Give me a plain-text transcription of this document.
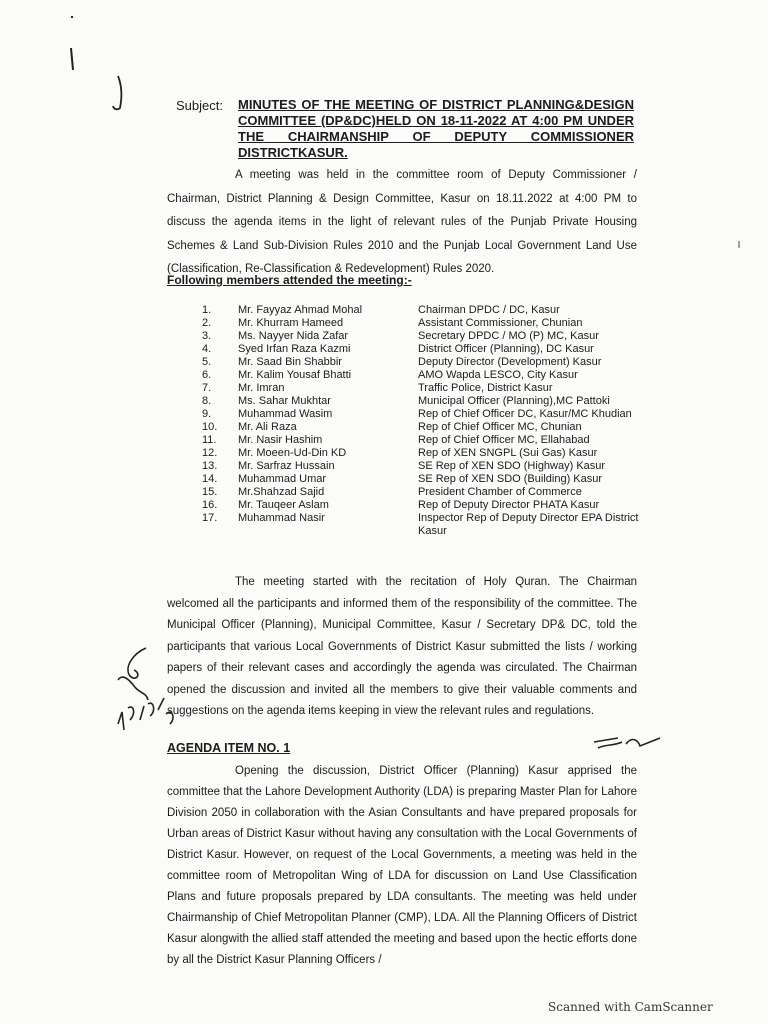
Subject: MINUTES OF THE MEETING OF DISTRICT PLANNING&DESIGN COMMITTEE (DP&DC)HELD ON 18-11-2022 AT 4:00 PM UNDER THE CHAIRMANSHIP OF DEPUTY COMMISSIONER
DISTRICTKASUR.
A meeting was held in the committee room of Deputy Commissioner / Chairman, District Planning & Design Committee, Kasur on 18.11.2022 at 4:00 PM to discuss the agenda items in the light of relevant rules of the Punjab Private Housing Schemes & Land Sub-Division Rules 2010 and the Punjab Local Government Land Use (Classification, Re-Classification & Redevelopment) Rules 2020.
Following members attended the meeting:-
1.	Mr. Fayyaz Ahmad Mohal	Chairman DPDC / DC, Kasur
2.	Mr. Khurram Hameed	Assistant Commissioner, Chunian
3.	Ms. Nayyer Nida Zafar	Secretary DPDC / MO (P) MC, Kasur
4.	Syed Irfan Raza Kazmi	District Officer (Planning), DC Kasur
5.	Mr. Saad Bin Shabbir	Deputy Director (Development) Kasur
6.	Mr. Kalim Yousaf Bhatti	AMO Wapda LESCO, City Kasur
7.	Mr. Imran	Traffic Police, District Kasur
8.	Ms. Sahar Mukhtar	Municipal Officer (Planning),MC Pattoki
9.	Muhammad Wasim	Rep of Chief Officer DC, Kasur/MC Khudian
10.	Mr. Ali Raza	Rep of Chief Officer MC, Chunian
11.	Mr. Nasir Hashim	Rep of Chief Officer MC, Ellahabad
12.	Mr. Moeen-Ud-Din KD	Rep of XEN SNGPL (Sui Gas) Kasur
13.	Mr. Sarfraz Hussain	SE Rep of XEN SDO (Highway) Kasur
14.	Muhammad Umar	SE Rep of XEN SDO (Building) Kasur
15.	Mr.Shahzad Sajid	President Chamber of Commerce
16.	Mr. Tauqeer Aslam	Rep of Deputy Director PHATA Kasur
17.	Muhammad Nasir	Inspector Rep of Deputy Director EPA District Kasur
The meeting started with the recitation of Holy Quran. The Chairman welcomed all the participants and informed them of the responsibility of the committee. The Municipal Officer (Planning), Municipal Committee, Kasur / Secretary DP& DC, told the participants that various Local Governments of District Kasur submitted the lists / working papers of their relevant cases and accordingly the agenda was circulated. The Chairman opened the discussion and invited all the members to give their valuable comments and suggestions on the agenda items keeping in view the relevant rules and regulations.
AGENDA ITEM NO. 1
Opening the discussion, District Officer (Planning) Kasur apprised the committee that the Lahore Development Authority (LDA) is preparing Master Plan for Lahore Division 2050 in collaboration with the Asian Consultants and have prepared proposals for Urban areas of District Kasur without having any consultation with the Local Governments of District Kasur. However, on request of the Local Governments, a meeting was held in the committee room of Metropolitan Wing of LDA for discussion on Land Use Classification Plans and future proposals prepared by LDA consultants. The meeting was held under Chairmanship of Chief Metropolitan Planner (CMP), LDA. All the Planning Officers of District Kasur alongwith the allied staff attended the meeting and based upon the hectic efforts done by all the District Kasur Planning Officers /
Scanned with CamScanner
